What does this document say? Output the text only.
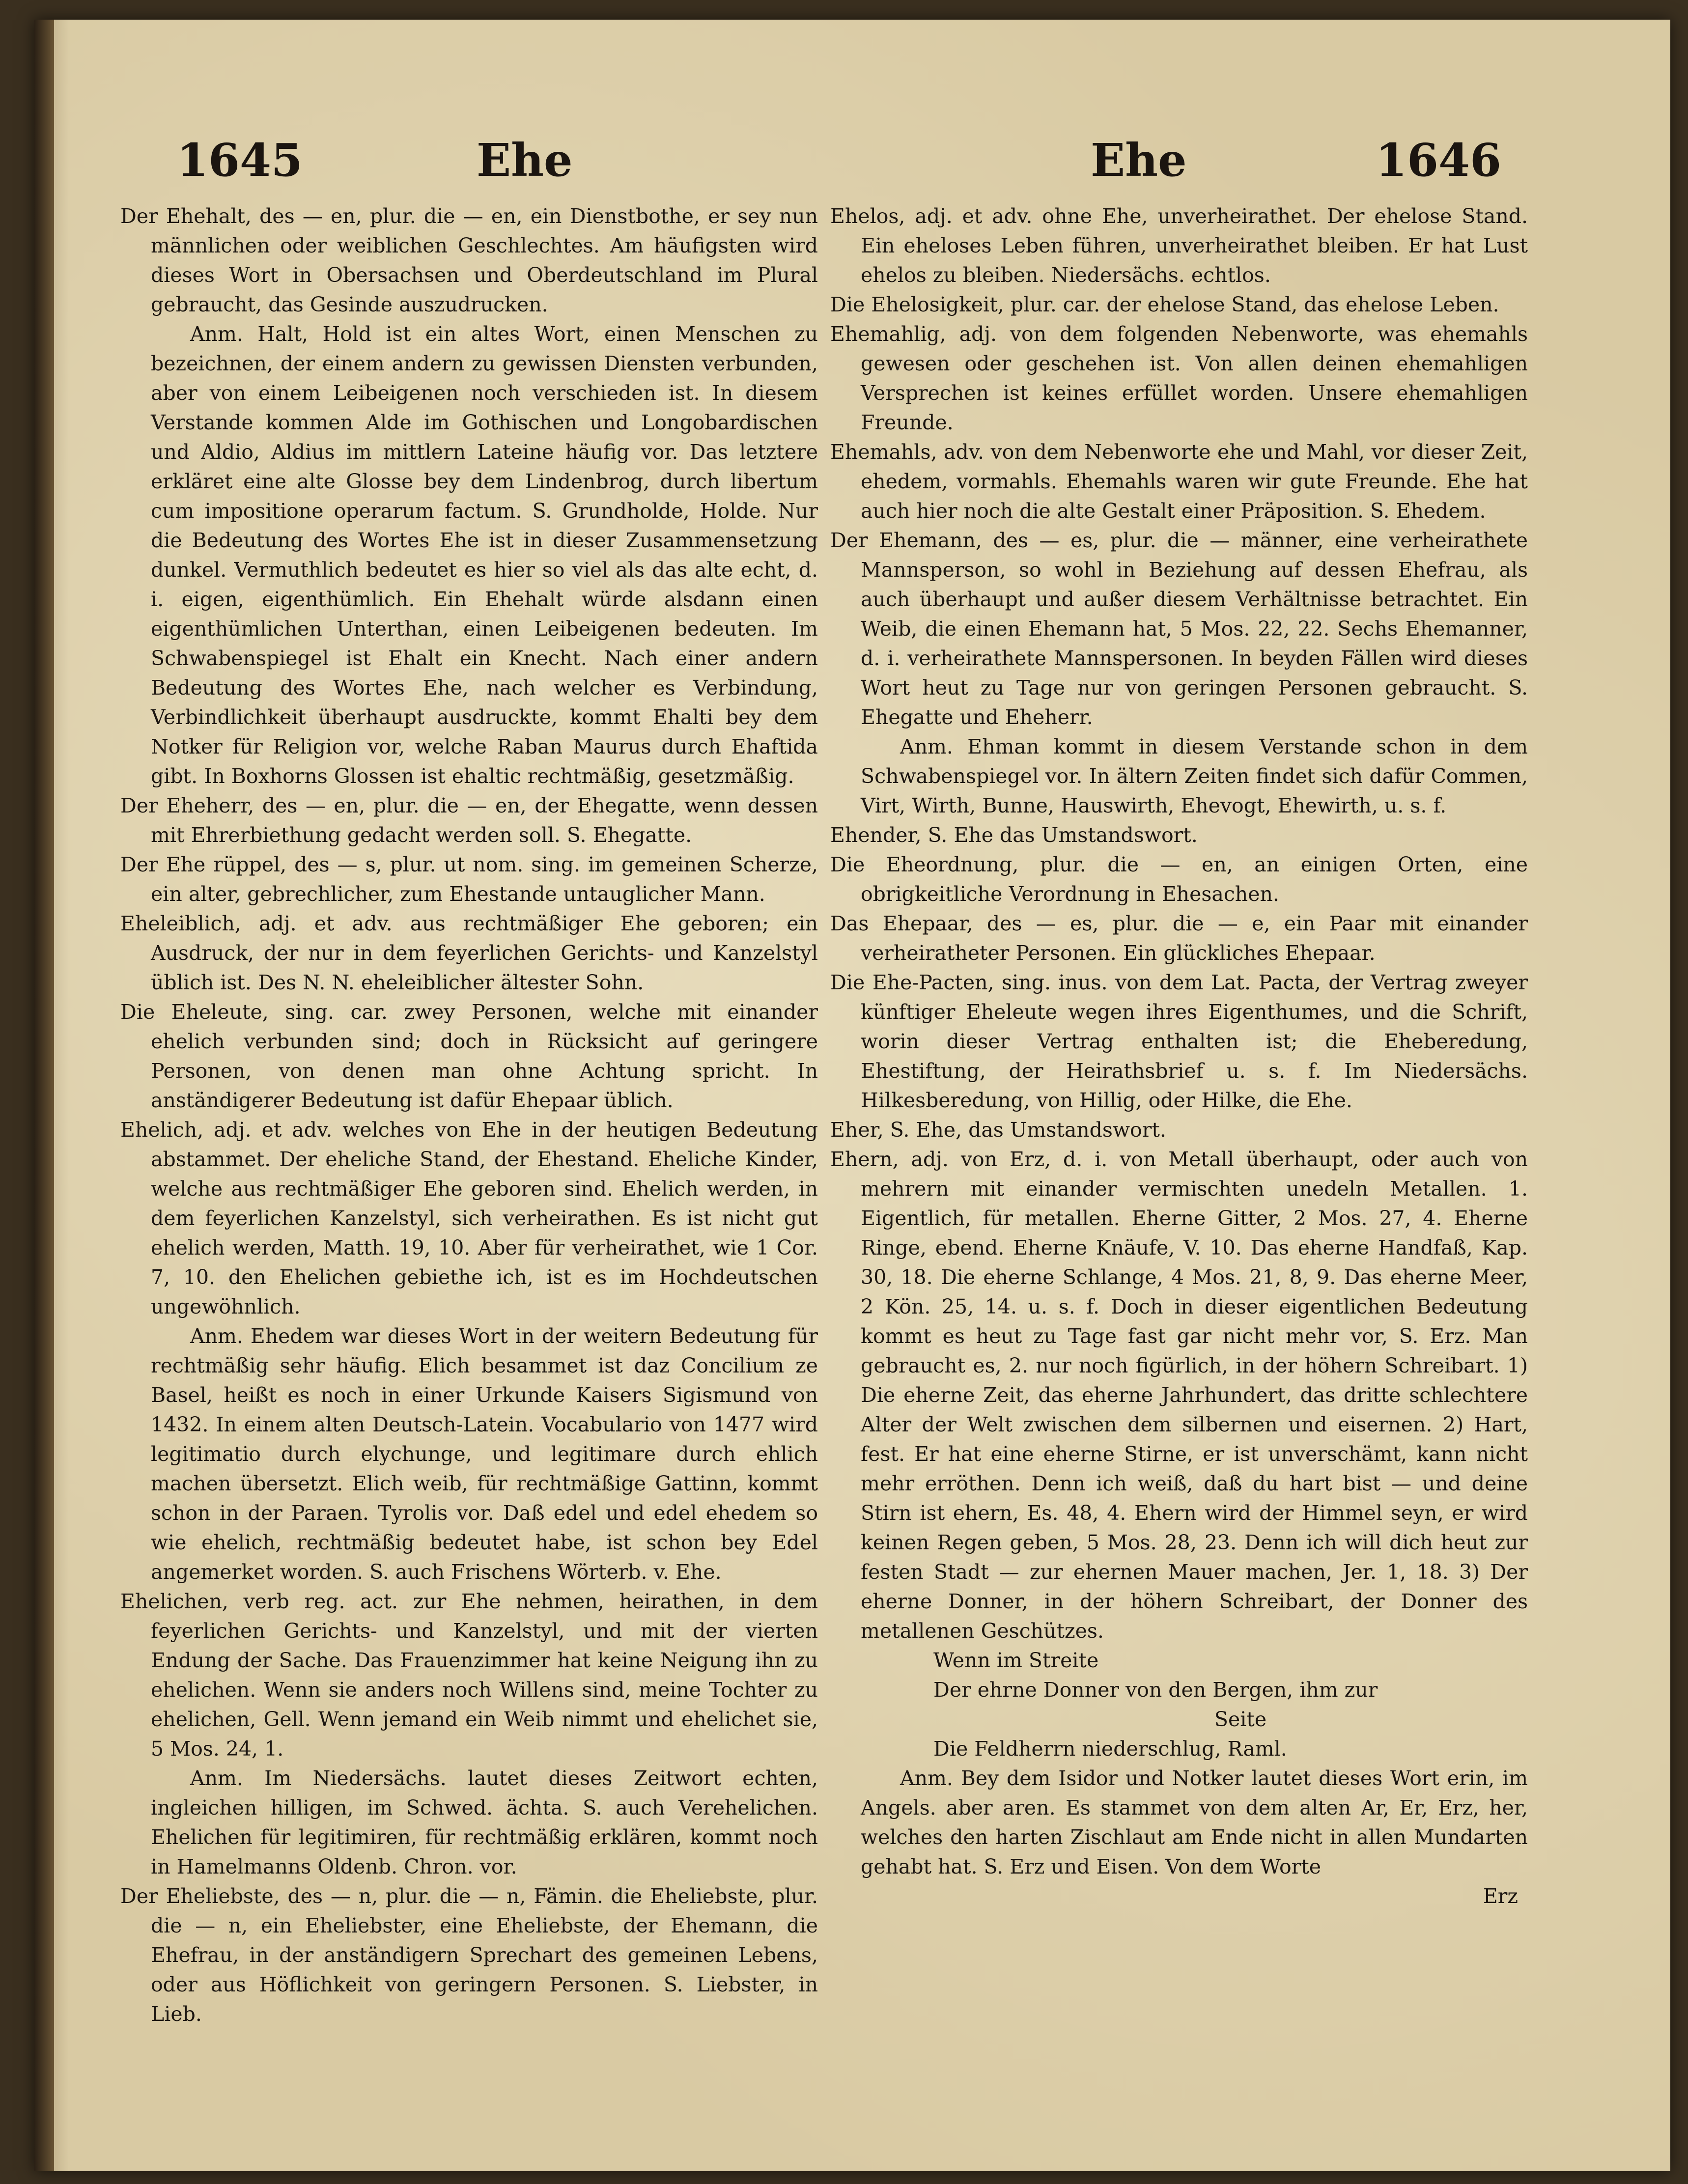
1645	Ehe	Ehe	1646
Der Ehehalt, des — en, plur. die — en, ein Dienstbothe, er sey nun männlichen oder weiblichen Geschlechtes. Am häufigsten wird dieses Wort in Obersachsen und Oberdeutschland im Plural gebraucht, das Gesinde auszudrucken.
Anm. Halt, Hold ist ein altes Wort, einen Menschen zu bezeichnen, der einem andern zu gewissen Diensten verbunden, aber von einem Leibeigenen noch verschieden ist. In diesem Verstande kommen Alde im Gothischen und Longobardischen und Aldio, Aldius im mittlern Lateine häufig vor. Das letztere erkläret eine alte Glosse bey dem Lindenbrog, durch libertum cum impositione operarum factum. S. Grundholde, Holde. Nur die Bedeutung des Wortes Ehe ist in dieser Zusammensetzung dunkel. Vermuthlich bedeutet es hier so viel als das alte echt, d. i. eigen, eigenthümlich. Ein Ehehalt würde alsdann einen eigenthümlichen Unterthan, einen Leibeigenen bedeuten. Im Schwabenspiegel ist Ehalt ein Knecht. Nach einer andern Bedeutung des Wortes Ehe, nach welcher es Verbindung, Verbindlichkeit überhaupt ausdruckte, kommt Ehalti bey dem Notker für Religion vor, welche Raban Maurus durch Ehaftida gibt. In Boxhorns Glossen ist ehaltic rechtmäßig, gesetzmäßig.
Der Eheherr, des — en, plur. die — en, der Ehegatte, wenn dessen mit Ehrerbiethung gedacht werden soll. S. Ehegatte.
Der Ehe rüppel, des — s, plur. ut nom. sing. im gemeinen Scherze, ein alter, gebrechlicher, zum Ehestande untauglicher Mann.
Eheleiblich, adj. et adv. aus rechtmäßiger Ehe geboren; ein Ausdruck, der nur in dem feyerlichen Gerichts- und Kanzelstyl üblich ist. Des N. N. eheleiblicher ältester Sohn.
Die Eheleute, sing. car. zwey Personen, welche mit einander ehelich verbunden sind; doch in Rücksicht auf geringere Personen, von denen man ohne Achtung spricht. In anständigerer Bedeutung ist dafür Ehepaar üblich.
Ehelich, adj. et adv. welches von Ehe in der heutigen Bedeutung abstammet. Der eheliche Stand, der Ehestand. Eheliche Kinder, welche aus rechtmäßiger Ehe geboren sind. Ehelich werden, in dem feyerlichen Kanzelstyl, sich verheirathen. Es ist nicht gut ehelich werden, Matth. 19, 10. Aber für verheirathet, wie 1 Cor. 7, 10. den Ehelichen gebiethe ich, ist es im Hochdeutschen ungewöhnlich.
Anm. Ehedem war dieses Wort in der weitern Bedeutung für rechtmäßig sehr häufig. Elich besammet ist daz Concilium ze Basel, heißt es noch in einer Urkunde Kaisers Sigismund von 1432. In einem alten Deutsch-Latein. Vocabulario von 1477 wird legitimatio durch elychunge, und legitimare durch ehlich machen übersetzt. Elich weib, für rechtmäßige Gattinn, kommt schon in der Paraen. Tyrolis vor. Daß edel und edel ehedem so wie ehelich, rechtmäßig bedeutet habe, ist schon bey Edel angemerket worden. S. auch Frischens Wörterb. v. Ehe.
Ehelichen, verb reg. act. zur Ehe nehmen, heirathen, in dem feyerlichen Gerichts- und Kanzelstyl, und mit der vierten Endung der Sache. Das Frauenzimmer hat keine Neigung ihn zu ehelichen. Wenn sie anders noch Willens sind, meine Tochter zu ehelichen, Gell. Wenn jemand ein Weib nimmt und ehelichet sie, 5 Mos. 24, 1.
Anm. Im Niedersächs. lautet dieses Zeitwort echten, ingleichen hilligen, im Schwed. ächta. S. auch Verehelichen. Ehelichen für legitimiren, für rechtmäßig erklären, kommt noch in Hamelmanns Oldenb. Chron. vor.
Der Eheliebste, des — n, plur. die — n, Fämin. die Eheliebste, plur. die — n, ein Eheliebster, eine Eheliebste, der Ehemann, die Ehefrau, in der anständigern Sprechart des gemeinen Lebens, oder aus Höflichkeit von geringern Personen. S. Liebster, in Lieb.
Ehelos, adj. et adv. ohne Ehe, unverheirathet. Der ehelose Stand. Ein eheloses Leben führen, unverheirathet bleiben. Er hat Lust ehelos zu bleiben. Niedersächs. echtlos.
Die Ehelosigkeit, plur. car. der ehelose Stand, das ehelose Leben.
Ehemahlig, adj. von dem folgenden Nebenworte, was ehemahls gewesen oder geschehen ist. Von allen deinen ehemahligen Versprechen ist keines erfüllet worden. Unsere ehemahligen Freunde.
Ehemahls, adv. von dem Nebenworte ehe und Mahl, vor dieser Zeit, ehedem, vormahls. Ehemahls waren wir gute Freunde. Ehe hat auch hier noch die alte Gestalt einer Präposition. S. Ehedem.
Der Ehemann, des — es, plur. die — männer, eine verheirathete Mannsperson, so wohl in Beziehung auf dessen Ehefrau, als auch überhaupt und außer diesem Verhältnisse betrachtet. Ein Weib, die einen Ehemann hat, 5 Mos. 22, 22. Sechs Ehemanner, d. i. verheirathete Mannspersonen. In beyden Fällen wird dieses Wort heut zu Tage nur von geringen Personen gebraucht. S. Ehegatte und Eheherr.
Anm. Ehman kommt in diesem Verstande schon in dem Schwabenspiegel vor. In ältern Zeiten findet sich dafür Commen, Virt, Wirth, Bunne, Hauswirth, Ehevogt, Ehewirth, u. s. f.
Ehender, S. Ehe das Umstandswort.
Die Eheordnung, plur. die — en, an einigen Orten, eine obrigkeitliche Verordnung in Ehesachen.
Das Ehepaar, des — es, plur. die — e, ein Paar mit einander verheiratheter Personen. Ein glückliches Ehepaar.
Die Ehe-Pacten, sing. inus. von dem Lat. Pacta, der Vertrag zweyer künftiger Eheleute wegen ihres Eigenthumes, und die Schrift, worin dieser Vertrag enthalten ist; die Eheberedung, Ehestiftung, der Heirathsbrief u. s. f. Im Niedersächs. Hilkesberedung, von Hillig, oder Hilke, die Ehe.
Eher, S. Ehe, das Umstandswort.
Ehern, adj. von Erz, d. i. von Metall überhaupt, oder auch von mehrern mit einander vermischten unedeln Metallen. 1. Eigentlich, für metallen. Eherne Gitter, 2 Mos. 27, 4. Eherne Ringe, ebend. Eherne Knäufe, V. 10. Das eherne Handfaß, Kap. 30, 18. Die eherne Schlange, 4 Mos. 21, 8, 9. Das eherne Meer, 2 Kön. 25, 14. u. s. f. Doch in dieser eigentlichen Bedeutung kommt es heut zu Tage fast gar nicht mehr vor, S. Erz. Man gebraucht es, 2. nur noch figürlich, in der höhern Schreibart. 1) Die eherne Zeit, das eherne Jahrhundert, das dritte schlechtere Alter der Welt zwischen dem silbernen und eisernen. 2) Hart, fest. Er hat eine eherne Stirne, er ist unverschämt, kann nicht mehr erröthen. Denn ich weiß, daß du hart bist — und deine Stirn ist ehern, Es. 48, 4. Ehern wird der Himmel seyn, er wird keinen Regen geben, 5 Mos. 28, 23. Denn ich will dich heut zur festen Stadt — zur ehernen Mauer machen, Jer. 1, 18. 3) Der eherne Donner, in der höhern Schreibart, der Donner des metallenen Geschützes.
Wenn im Streite
Der ehrne Donner von den Bergen, ihm zur
Seite
Die Feldherrn niederschlug, Raml.
Anm. Bey dem Isidor und Notker lautet dieses Wort erin, im Angels. aber aren. Es stammet von dem alten Ar, Er, Erz, her, welches den harten Zischlaut am Ende nicht in allen Mundarten gehabt hat. S. Erz und Eisen. Von dem Worte
Erz
